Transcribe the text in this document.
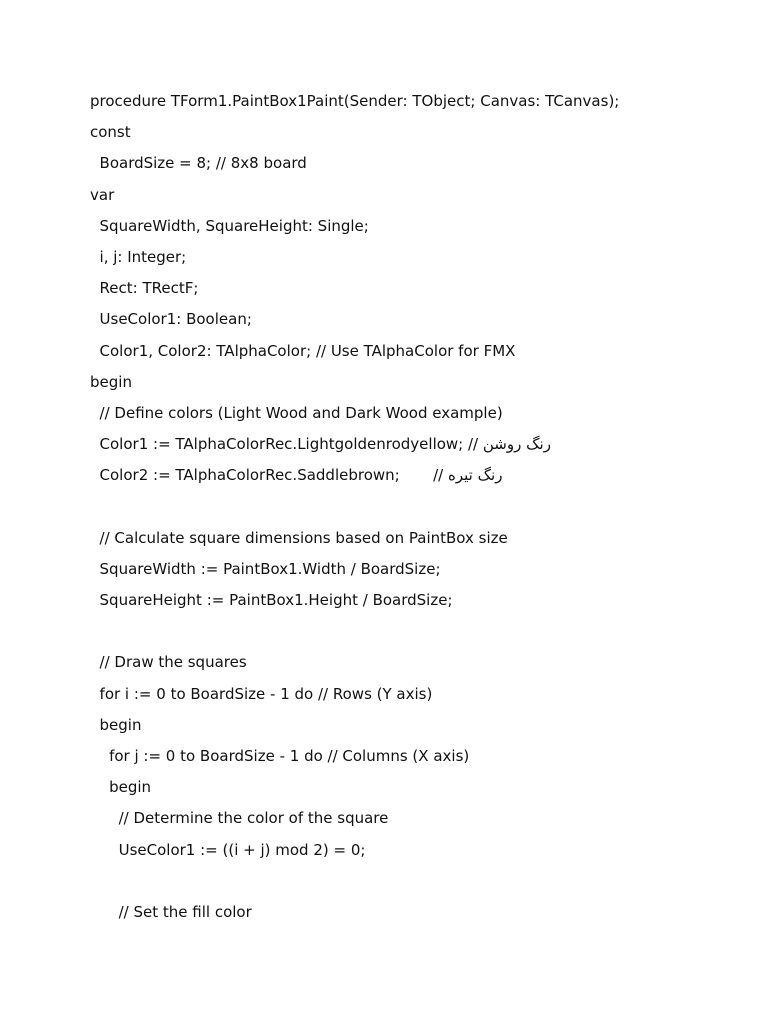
procedure TForm1.PaintBox1Paint(Sender: TObject; Canvas: TCanvas);
const
BoardSize = 8; // 8x8 board
var
SquareWidth, SquareHeight: Single;
i, j: Integer;
Rect: TRectF;
UseColor1: Boolean;
Color1, Color2: TAlphaColor; // Use TAlphaColor for FMX
begin
// Define colors (Light Wood and Dark Wood example)
Color1 := TAlphaColorRec.Lightgoldenrodyellow; // رنگ روشن
Color2 := TAlphaColorRec.Saddlebrown;       // رنگ تیره
// Calculate square dimensions based on PaintBox size
SquareWidth := PaintBox1.Width / BoardSize;
SquareHeight := PaintBox1.Height / BoardSize;
// Draw the squares
for i := 0 to BoardSize - 1 do // Rows (Y axis)
begin
for j := 0 to BoardSize - 1 do // Columns (X axis)
begin
// Determine the color of the square
UseColor1 := ((i + j) mod 2) = 0;
// Set the fill color
